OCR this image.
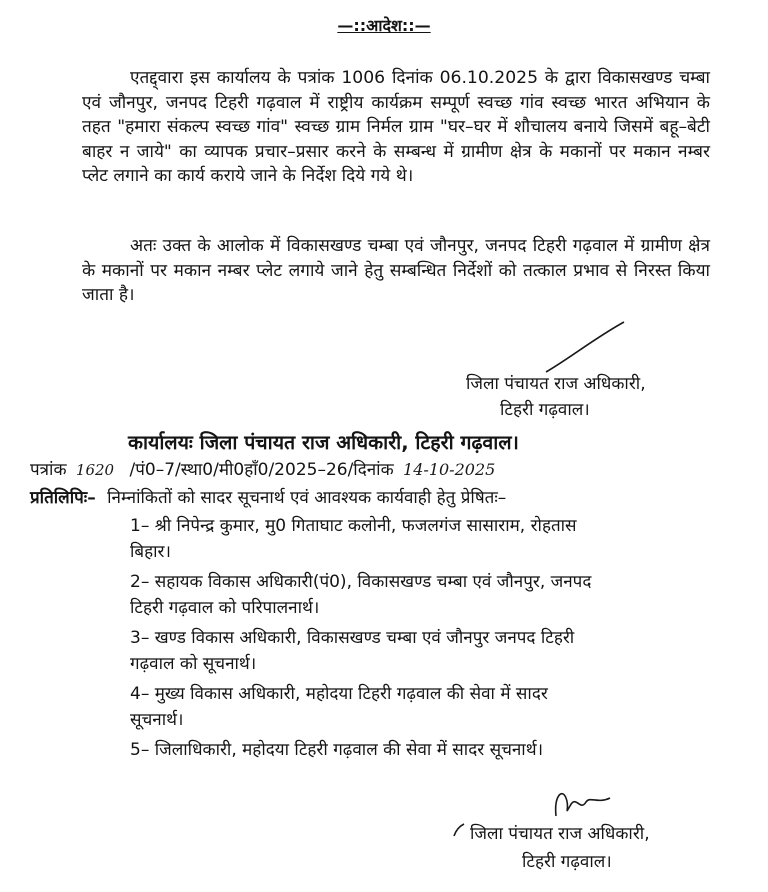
—::आदेश::—
एतद्द्वारा इस कार्यालय के पत्रांक 1006 दिनांक 06.10.2025 के द्वारा विकासखण्ड चम्बा एवं जौनपुर, जनपद टिहरी गढ़वाल में राष्ट्रीय कार्यक्रम सम्पूर्ण स्वच्छ गांव स्वच्छ भारत अभियान के तहत "हमारा संकल्प स्वच्छ गांव" स्वच्छ ग्राम निर्मल ग्राम "घर–घर में शौचालय बनाये जिसमें बहू–बेटी बाहर न जाये" का व्यापक प्रचार–प्रसार करने के सम्बन्ध में ग्रामीण क्षेत्र के मकानों पर मकान नम्बर प्लेट लगाने का कार्य कराये जाने के निर्देश दिये गये थे।
अतः उक्त के आलोक में विकासखण्ड चम्बा एवं जौनपुर, जनपद टिहरी गढ़वाल में ग्रामीण क्षेत्र के मकानों पर मकान नम्बर प्लेट लगाये जाने हेतु सम्बन्धित निर्देशों को तत्काल प्रभाव से निरस्त किया जाता है।
जिला पंचायत राज अधिकारी,
टिहरी गढ़वाल।
कार्यालयः जिला पंचायत राज अधिकारी, टिहरी गढ़वाल।
पत्रांक 1620 /पं0–7/स्था0/मी0हाँ0/2025–26/दिनांक 14-10-2025
प्रतिलिपिः– निम्नांकितों को सादर सूचनार्थ एवं आवश्यक कार्यवाही हेतु प्रेषितः–
1– श्री निपेन्द्र कुमार, मु0 गिताघाट कलोनी, फजलगंज सासाराम, रोहतास
बिहार।
2– सहायक विकास अधिकारी(पं0), विकासखण्ड चम्बा एवं जौनपुर, जनपद
टिहरी गढ़वाल को परिपालनार्थ।
3– खण्ड विकास अधिकारी, विकासखण्ड चम्बा एवं जौनपुर जनपद टिहरी
गढ़वाल को सूचनार्थ।
4– मुख्य विकास अधिकारी, महोदया टिहरी गढ़वाल की सेवा में सादर
सूचनार्थ।
5– जिलाधिकारी, महोदया टिहरी गढ़वाल की सेवा में सादर सूचनार्थ।
जिला पंचायत राज अधिकारी,
टिहरी गढ़वाल।
